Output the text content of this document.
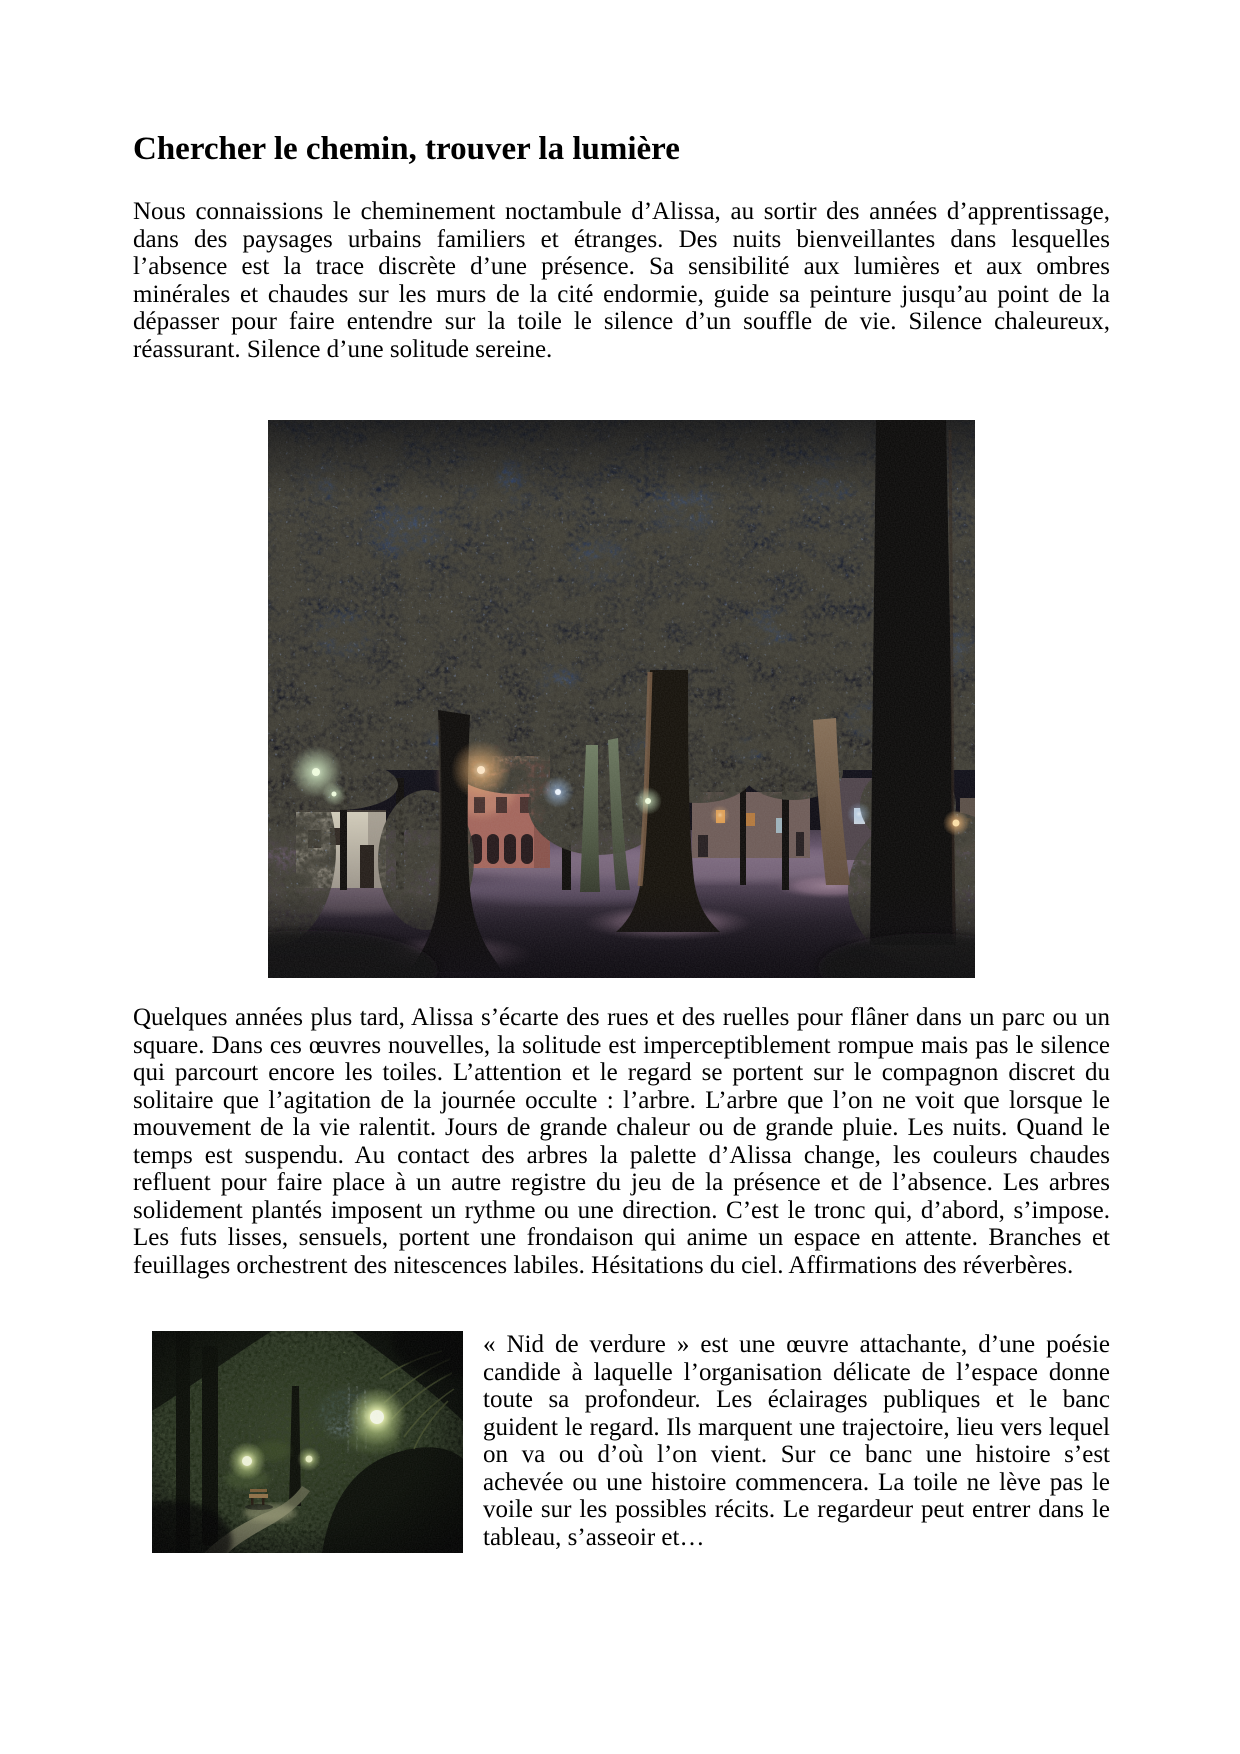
Chercher le chemin, trouver la lumière

Nous connaissions le cheminement noctambule d’Alissa, au sortir des années d’apprentissage, dans des paysages urbains familiers et étranges. Des nuits bienveillantes dans lesquelles l’absence est la trace discrète d’une présence. Sa sensibilité aux lumières et aux ombres minérales et chaudes sur les murs de la cité endormie, guide sa peinture jusqu’au point de la dépasser pour faire entendre sur la toile le silence d’un souffle de vie. Silence chaleureux, réassurant. Silence d’une solitude sereine.

Quelques années plus tard, Alissa s’écarte des rues et des ruelles pour flâner dans un parc ou un square. Dans ces œuvres nouvelles, la solitude est imperceptiblement rompue mais pas le silence qui parcourt encore les toiles. L’attention et le regard se portent sur le compagnon discret du solitaire que l’agitation de la journée occulte : l’arbre. L’arbre que l’on ne voit que lorsque le mouvement de la vie ralentit. Jours de grande chaleur ou de grande pluie. Les nuits. Quand le temps est suspendu. Au contact des arbres la palette d’Alissa change, les couleurs chaudes refluent pour faire place à un autre registre du jeu de la présence et de l’absence. Les arbres solidement plantés imposent un rythme ou une direction. C’est le tronc qui, d’abord, s’impose. Les futs lisses, sensuels, portent une frondaison qui anime un espace en attente. Branches et feuillages orchestrent des nitescences labiles. Hésitations du ciel. Affirmations des réverbères.

« Nid de verdure » est une œuvre attachante, d’une poésie candide à laquelle l’organisation délicate de l’espace donne toute sa profondeur. Les éclairages publiques et le banc guident le regard. Ils marquent une trajectoire, lieu vers lequel on va ou d’où l’on vient. Sur ce banc une histoire s’est achevée ou une histoire commencera. La toile ne lève pas le voile sur les possibles récits. Le regardeur peut entrer dans le tableau, s’asseoir et…
